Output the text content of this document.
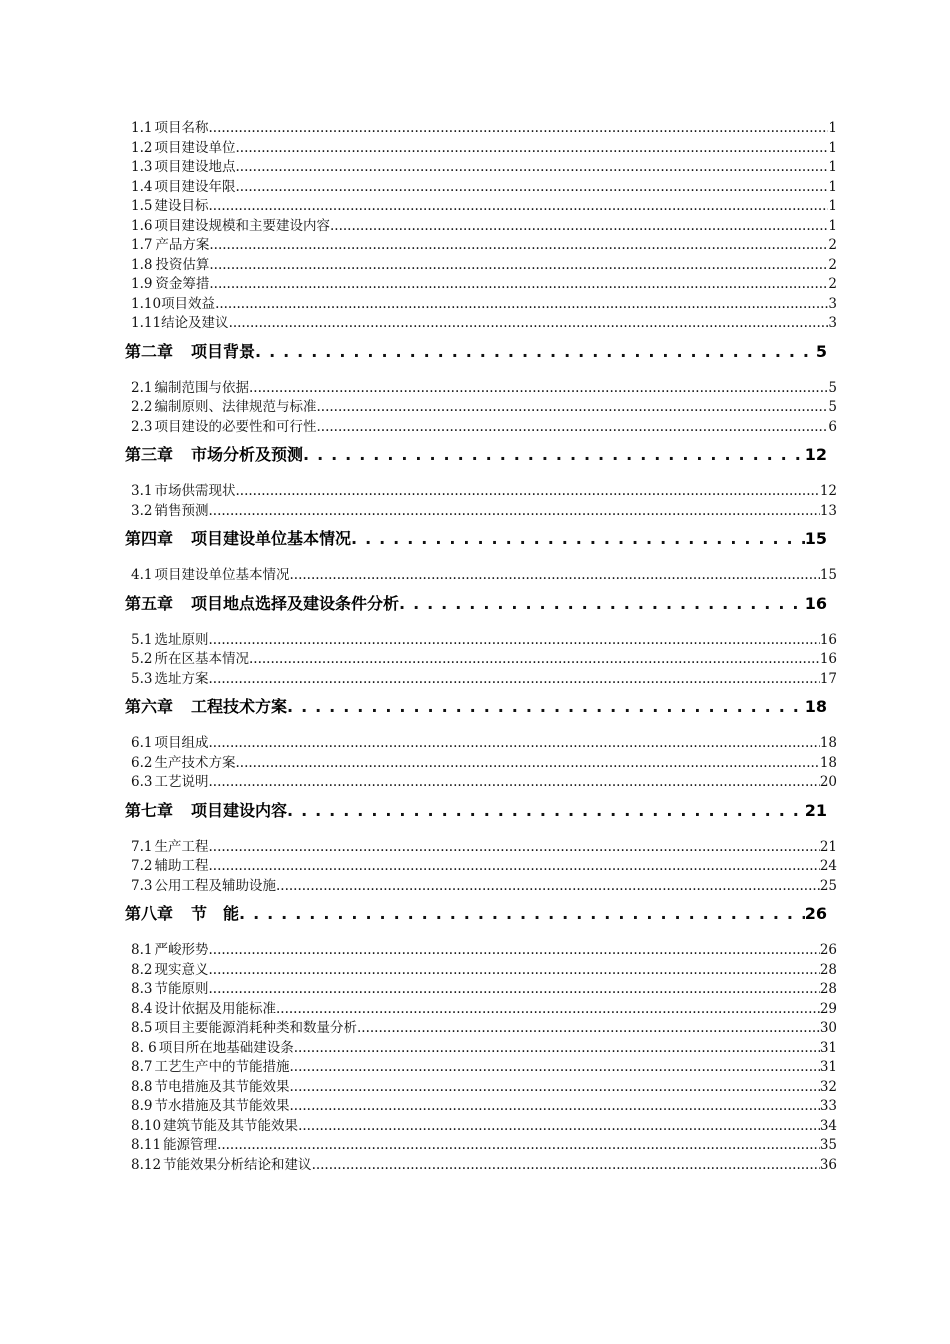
1.1 项目名称 .....	1
1.2 项目建设单位 .....	1
1.3 项目建设地点 .....	1
1.4 项目建设年限 .....	1
1.5 建设目标 .....	1
1.6 项目建设规模和主要建设内容 .....	1
1.7 产品方案 .....	2
1.8 投资估算 .....	2
1.9 资金筹措 .....	2
1.10 项目效益 .....	3
1.11 结论及建议 .....	3
第二章 项目背景 . . .	5
2.1 编制范围与依据 .....	5
2.2 编制原则、法律规范与标准 .....	5
2.3 项目建设的必要性和可行性 .....	6
第三章 市场分析及预测 . . .	12
3.1 市场供需现状 .....	12
3.2 销售预测 .....	13
第四章 项目建设单位基本情况 . . .	15
4.1 项目建设单位基本情况 .....	15
第五章 项目地点选择及建设条件分析 . . .	16
5.1 选址原则 .....	16
5.2 所在区基本情况 .....	16
5.3 选址方案 .....	17
第六章 工程技术方案 . . .	18
6.1 项目组成 .....	18
6.2 生产技术方案 .....	18
6.3 工艺说明 .....	20
第七章 项目建设内容 . . .	21
7.1 生产工程 .....	21
7.2 辅助工程 .....	24
7.3 公用工程及辅助设施 .....	25
第八章 节　能 . . .	26
8.1 严峻形势 .....	26
8.2 现实意义 .....	28
8.3 节能原则 .....	28
8.4 设计依据及用能标准 .....	29
8.5 项目主要能源消耗种类和数量分析 .....	30
8. 6 项目所在地基础建设条 .....	31
8.7 工艺生产中的节能措施 .....	31
8.8 节电措施及其节能效果 .....	32
8.9 节水措施及其节能效果 .....	33
8.10 建筑节能及其节能效果 .....	34
8.11 能源管理 .....	35
8.12 节能效果分析结论和建议 .....	36
